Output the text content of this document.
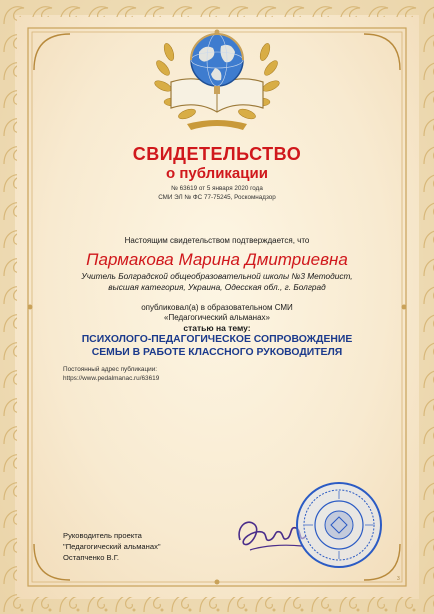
СВИДЕТЕЛЬСТВО
о публикации
№ 63619 от 5 января 2020 года
СМИ ЭЛ № ФС 77-75245, Роскомнадзор
Настоящим свидетельством подтверждается, что
Пармакова Марина Дмитриевна
Учитель Болградской общеобразовательной школы №3 Методист,
высшая категория, Украина, Одесская обл., г. Болград
опубликовал(а) в образовательном СМИ
«Педагогический альманах»
статью на тему:
ПСИХОЛОГО-ПЕДАГОГИЧЕСКОЕ СОПРОВОЖДЕНИЕ
СЕМЬИ В РАБОТЕ КЛАССНОГО РУКОВОДИТЕЛЯ
Постоянный адрес публикации:
https://www.pedalmanac.ru/63619
Руководитель проекта
"Педагогический альманах"
Остапченко В.Г.
3
